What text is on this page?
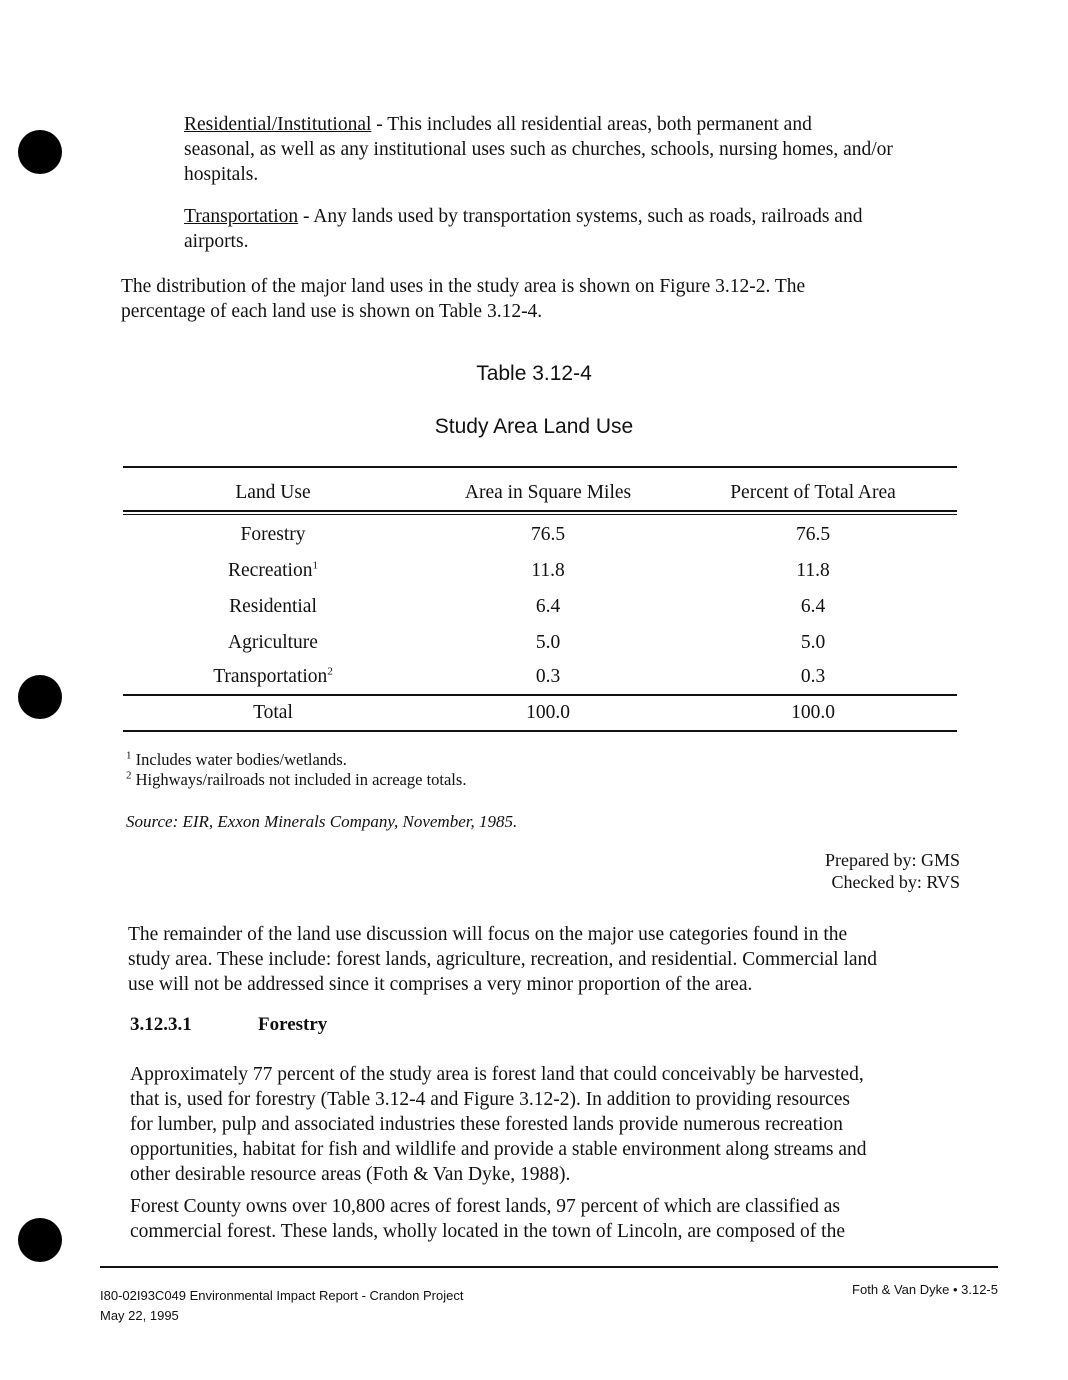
Residential/Institutional - This includes all residential areas, both permanent and
seasonal, as well as any institutional uses such as churches, schools, nursing homes, and/or
hospitals.
Transportation - Any lands used by transportation systems, such as roads, railroads and
airports.
The distribution of the major land uses in the study area is shown on Figure 3.12-2. The
percentage of each land use is shown on Table 3.12-4.
Table 3.12-4
Study Area Land Use
Land Use	Area in Square Miles	Percent of Total Area
Forestry	76.5	76.5
Recreation$^1$	11.8	11.8
Residential	6.4	6.4
Agriculture	5.0	5.0
Transportation$^2$	0.3	0.3
Total	100.0	100.0
$^1$ Includes water bodies/wetlands.
$^2$ Highways/railroads not included in acreage totals.
Source: EIR, Exxon Minerals Company, November, 1985.
Prepared by: GMS
Checked by: RVS
The remainder of the land use discussion will focus on the major use categories found in the
study area. These include: forest lands, agriculture, recreation, and residential. Commercial land
use will not be addressed since it comprises a very minor proportion of the area.
3.12.3.1	Forestry
Approximately 77 percent of the study area is forest land that could conceivably be harvested,
that is, used for forestry (Table 3.12-4 and Figure 3.12-2). In addition to providing resources
for lumber, pulp and associated industries these forested lands provide numerous recreation
opportunities, habitat for fish and wildlife and provide a stable environment along streams and
other desirable resource areas (Foth & Van Dyke, 1988).
Forest County owns over 10,800 acres of forest lands, 97 percent of which are classified as
commercial forest. These lands, wholly located in the town of Lincoln, are composed of the
I80-02I93C049 Environmental Impact Report - Crandon Project
May 22, 1995
Foth & Van Dyke • 3.12-5
